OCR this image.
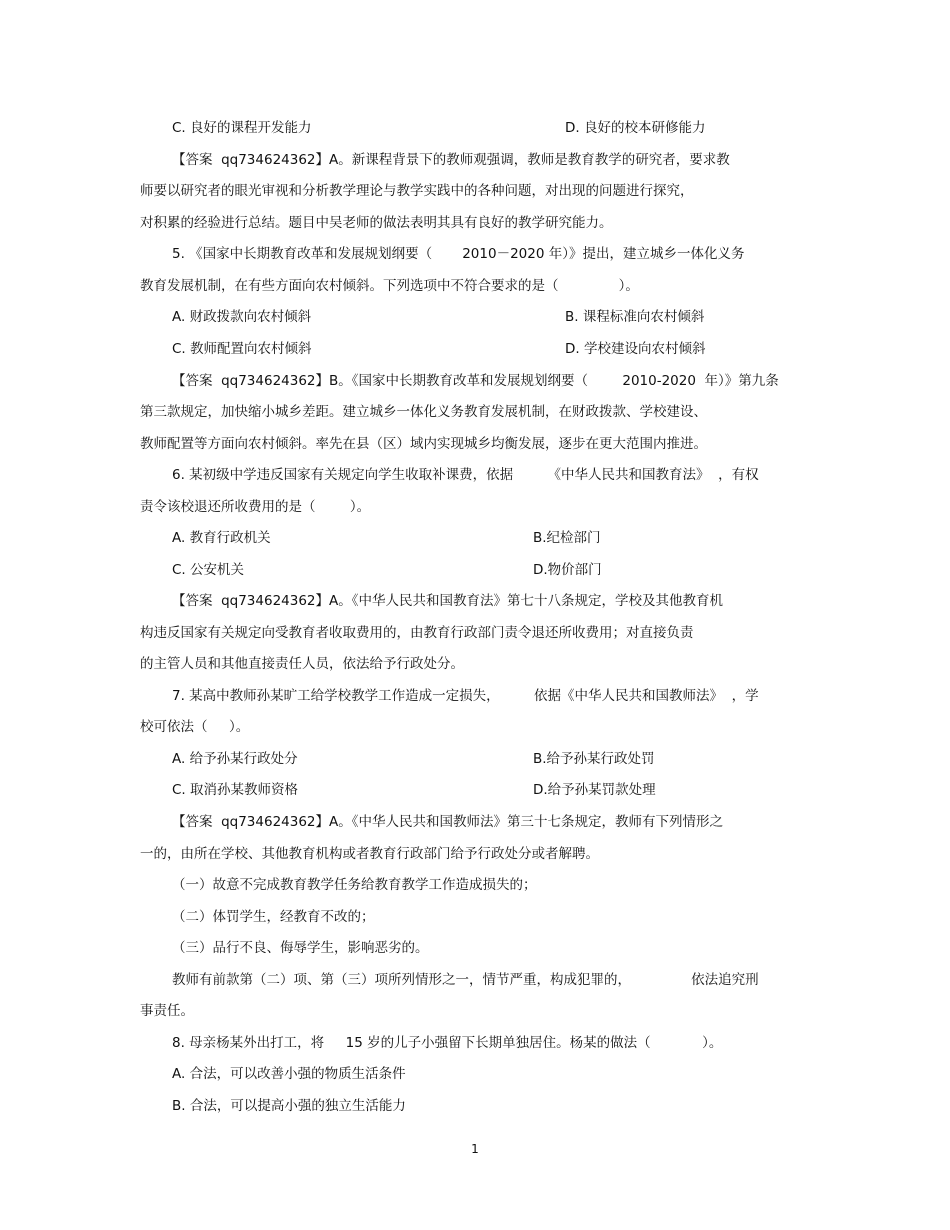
C. 良好的课程开发能力	D. 良好的校本研修能力
【答案  qq734624362】A。新课程背景下的教师观强调，教师是教育教学的研究者，要求教
师要以研究者的眼光审视和分析教学理论与教学实践中的各种问题，对出现的问题进行探究，
对积累的经验进行总结。题目中吴老师的做法表明其具有良好的教学研究能力。
5. 《国家中长期教育改革和发展规划纲要（       2010－2020 年）》提出，建立城乡一体化义务
教育发展机制，在有些方面向农村倾斜。下列选项中不符合要求的是（              ）。
A. 财政拨款向农村倾斜	B. 课程标准向农村倾斜
C. 教师配置向农村倾斜	D. 学校建设向农村倾斜
【答案  qq734624362】B。《国家中长期教育改革和发展规划纲要（        2010-2020  年）》第九条
第三款规定，加快缩小城乡差距。建立城乡一体化义务教育发展机制，在财政拨款、学校建设、
教师配置等方面向农村倾斜。率先在县（区）域内实现城乡均衡发展，逐步在更大范围内推进。
6. 某初级中学违反国家有关规定向学生收取补课费，依据        《中华人民共和国教育法》  ，有权
责令该校退还所收费用的是（        ）。
A. 教育行政机关	B.纪检部门
C. 公安机关	D.物价部门
【答案  qq734624362】A。《中华人民共和国教育法》第七十八条规定，学校及其他教育机
构违反国家有关规定向受教育者收取费用的，由教育行政部门责令退还所收费用；对直接负责
的主管人员和其他直接责任人员，依法给予行政处分。
7. 某高中教师孙某旷工给学校教学工作造成一定损失，        依据《中华人民共和国教师法》  ，学
校可依法（     ）。
A. 给予孙某行政处分	B.给予孙某行政处罚
C. 取消孙某教师资格	D.给予孙某罚款处理
【答案  qq734624362】A。《中华人民共和国教师法》第三十七条规定，教师有下列情形之
一的，由所在学校、其他教育机构或者教育行政部门给予行政处分或者解聘。
（一）故意不完成教育教学任务给教育教学工作造成损失的；
（二）体罚学生，经教育不改的；
（三）品行不良、侮辱学生，影响恶劣的。
教师有前款第（二）项、第（三）项所列情形之一，情节严重，构成犯罪的，              依法追究刑
事责任。
8. 母亲杨某外出打工，将     15 岁的儿子小强留下长期单独居住。杨某的做法（            ）。
A. 合法，可以改善小强的物质生活条件
B. 合法，可以提高小强的独立生活能力
1
